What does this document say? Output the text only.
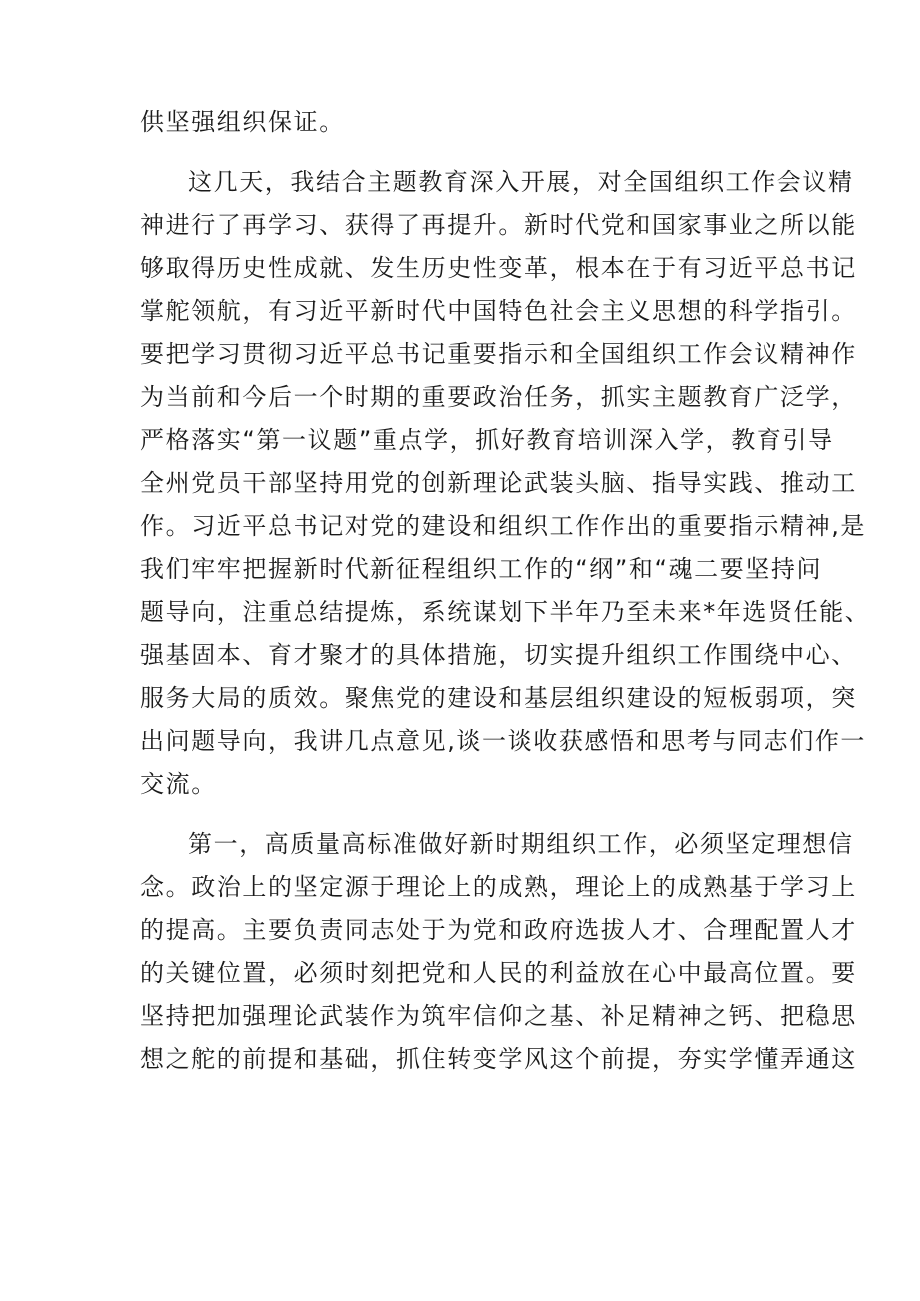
供坚强组织保证。
这几天，我结合主题教育深入开展，对全国组织工作会议精
神进行了再学习、获得了再提升。新时代党和国家事业之所以能
够取得历史性成就、发生历史性变革，根本在于有习近平总书记
掌舵领航，有习近平新时代中国特色社会主义思想的科学指引。
要把学习贯彻习近平总书记重要指示和全国组织工作会议精神作
为当前和今后一个时期的重要政治任务，抓实主题教育广泛学，
严格落实“第一议题”重点学，抓好教育培训深入学，教育引导
全州党员干部坚持用党的创新理论武装头脑、指导实践、推动工
作。习近平总书记对党的建设和组织工作作出的重要指示精神,是
我们牢牢把握新时代新征程组织工作的“纲”和“魂二要坚持问
题导向，注重总结提炼，系统谋划下半年乃至未来*年选贤任能、
强基固本、育才聚才的具体措施，切实提升组织工作围绕中心、
服务大局的质效。聚焦党的建设和基层组织建设的短板弱项，突
出问题导向，我讲几点意见,谈一谈收获感悟和思考与同志们作一
交流。
第一，高质量高标准做好新时期组织工作，必须坚定理想信
念。政治上的坚定源于理论上的成熟，理论上的成熟基于学习上
的提高。主要负责同志处于为党和政府选拔人才、合理配置人才
的关键位置，必须时刻把党和人民的利益放在心中最高位置。要
坚持把加强理论武装作为筑牢信仰之基、补足精神之钙、把稳思
想之舵的前提和基础，抓住转变学风这个前提，夯实学懂弄通这
